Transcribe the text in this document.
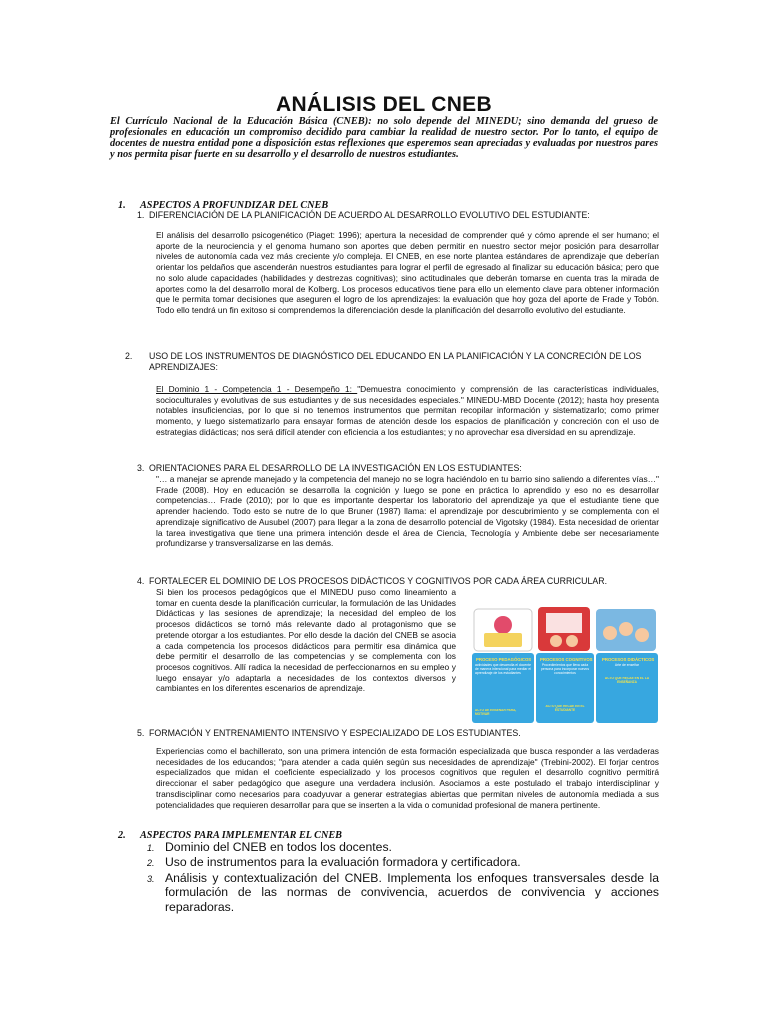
ANÁLISIS DEL CNEB
El Currículo Nacional de la Educación Básica (CNEB): no solo depende del MINEDU; sino demanda del grueso de profesionales en educación un compromiso decidido para cambiar la realidad de nuestro sector. Por lo tanto, el equipo de docentes de nuestra entidad pone a disposición estas reflexiones que esperemos sean apreciadas y evaluadas por nuestros pares y nos permita pisar fuerte en su desarrollo y el desarrollo de nuestros estudiantes.
1. ASPECTOS A PROFUNDIZAR DEL CNEB
1. DIFERENCIACIÓN DE LA PLANIFICACIÓN DE ACUERDO AL DESARROLLO EVOLUTIVO DEL ESTUDIANTE:
El análisis del desarrollo psicogenético (Piaget: 1996); apertura la necesidad de comprender qué y cómo aprende el ser humano; el aporte de la neurociencia y el genoma humano son aportes que deben permitir en nuestro sector mejor posición para desarrollar niveles de autonomía cada vez más creciente y/o compleja. El CNEB, en ese norte plantea estándares de aprendizaje que deberían orientar los peldaños que ascenderán nuestros estudiantes para lograr el perfil de egresado al finalizar su educación básica; pero que no solo alude capacidades (habilidades y destrezas cognitivas); sino actitudinales que deberán tomarse en cuenta tras la mirada de aportes como la del desarrollo moral de Kolberg. Los procesos educativos tiene para ello un elemento clave para obtener información que le permita tomar decisiones que aseguren el logro de los aprendizajes: la evaluación que hoy goza del aporte de Frade y Tobón. Todo ello tendrá un fin exitoso si comprendemos la diferenciación desde la planificación del desarrollo evolutivo del estudiante.
2. USO DE LOS INSTRUMENTOS DE DIAGNÓSTICO DEL EDUCANDO EN LA PLANIFICACIÓN Y LA CONCRECIÓN DE LOS APRENDIZAJES:
El Dominio 1 - Competencia 1 - Desempeño 1: "Demuestra conocimiento y comprensión de las características individuales, socioculturales y evolutivas de sus estudiantes y de sus necesidades especiales." MINEDU-MBD Docente (2012); hasta hoy presenta notables insuficiencias, por lo que si no tenemos instrumentos que permitan recopilar información y sistematizarlo; como primer momento, y luego sistematizarlo para ensayar formas de atención desde los espacios de planificación y concreción con el uso de estrategias didácticas; nos será difícil atender con eficiencia a los estudiantes; y no aprovechar esa diversidad en su aprendizaje.
3. ORIENTACIONES PARA EL DESARROLLO DE LA INVESTIGACIÓN EN LOS ESTUDIANTES:
"… a manejar se aprende manejado y la competencia del manejo no se logra haciéndolo en tu barrio sino saliendo a diferentes vías…" Frade (2008). Hoy en educación se desarrolla la cognición y luego se pone en práctica lo aprendido y eso no es desarrollar competencias… Frade (2010); por lo que es importante despertar los laboratorio del aprendizaje ya que el estudiante tiene que aprender haciendo. Todo esto se nutre de lo que Bruner (1987) llama: el aprendizaje por descubrimiento y se complementa con el aprendizaje significativo de Ausubel (2007) para llegar a la zona de desarrollo potencial de Vigotsky (1984). Esta necesidad de orientar la tarea investigativa que tiene una primera intención desde el área de Ciencia, Tecnología y Ambiente debe ser necesariamente profundizarse y transversalizarse en las demás.
4. FORTALECER EL DOMINIO DE LOS PROCESOS DIDÁCTICOS Y COGNITIVOS POR CADA ÁREA CURRICULAR.
Si bien los procesos pedagógicos que el MINEDU puso como lineamiento a tomar en cuenta desde la planificación curricular, la formulación de las Unidades Didácticas y las sesiones de aprendizaje; la necesidad del empleo de los procesos didácticos se tornó más relevante dado al protagonismo que se pretende otorgar a los estudiantes. Por ello desde la dación del CNEB se asocia a cada competencia los procesos didácticos para permitir esa dinámica que debe permitir el desarrollo de las competencias y se complementa con los procesos cognitivos. Allí radica la necesidad de perfeccionarnos en su empleo y luego ensayar y/o adaptarla a necesidades de los contextos diversos y cambiantes en los diferentes escenarios de aprendizaje.
PROCESO PEDAGÓGICOS
actividades que desarrolla el docente de manera intencional para mediar el aprendizaje de los estudiantes
ACTO DE ENSEÑAR PARA, MOTIVAR
PROCESOS COGNITIVOS
Procedimientos que lleva cada persona para incorporar nuevos conocimientos
ACTO QUE RECAE EN EL ESTUDIANTE
PROCESOS DIDÁCTICOS
Arte de enseñar
ACTO QUE RECAE EN EL LA ENSEÑANZA
5. FORMACIÓN Y ENTRENAMIENTO INTENSIVO Y ESPECIALIZADO DE LOS ESTUDIANTES.
Experiencias como el bachillerato, son una primera intención de esta formación especializada que busca responder a las verdaderas necesidades de los educandos; "para atender a cada quién según sus necesidades de aprendizaje" (Trebini-2002). El forjar centros especializados que midan el coeficiente especializado y los procesos cognitivos que regulen el desarrollo cognitivo permitirá direccionar el saber pedagógico que asegure una verdadera inclusión. Asociamos a este postulado el trabajo interdisciplinar y transdisciplinar como necesarios para coadyuvar a generar estrategias abiertas que permitan niveles de autonomía mediada a sus potencialidades que requieren desarrollar para que se inserten a la vida o comunidad profesional de manera pertinente.
2. ASPECTOS PARA IMPLEMENTAR EL CNEB
1. Dominio del CNEB en todos los docentes.
2. Uso de instrumentos para la evaluación formadora y certificadora.
3. Análisis y contextualización del CNEB. Implementa los enfoques transversales desde la formulación de las normas de convivencia, acuerdos de convivencia y acciones reparadoras.
